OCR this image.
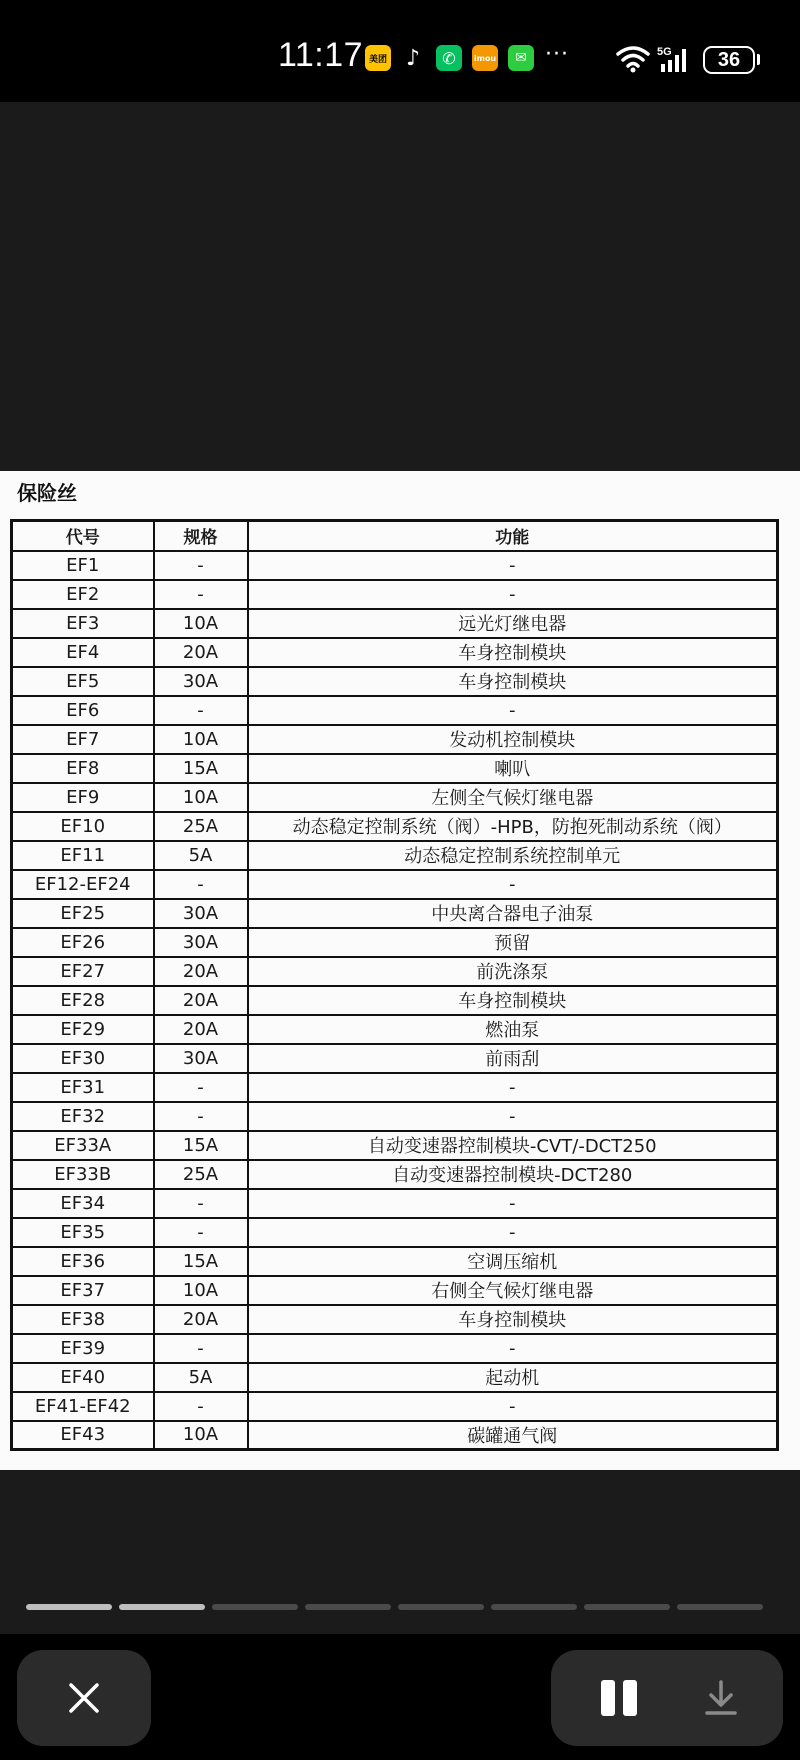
11:17 美团 ♪	✆	imou	✉ ···	5G	36
保险丝
代号	规格	功能
EF1	-	-
EF2	-	-
EF3	10A	远光灯继电器
EF4	20A	车身控制模块
EF5	30A	车身控制模块
EF6	-	-
EF7	10A	发动机控制模块
EF8	15A	喇叭
EF9	10A	左侧全气候灯继电器
EF10	25A	动态稳定控制系统（阀）-HPB，防抱死制动系统（阀）
EF11	5A	动态稳定控制系统控制单元
EF12-EF24	-	-
EF25	30A	中央离合器电子油泵
EF26	30A	预留
EF27	20A	前洗涤泵
EF28	20A	车身控制模块
EF29	20A	燃油泵
EF30	30A	前雨刮
EF31	-	-
EF32	-	-
EF33A	15A	自动变速器控制模块-CVT/-DCT250
EF33B	25A	自动变速器控制模块-DCT280
EF34	-	-
EF35	-	-
EF36	15A	空调压缩机
EF37	10A	右侧全气候灯继电器
EF38	20A	车身控制模块
EF39	-	-
EF40	5A	起动机
EF41-EF42	-	-
EF43	10A	碳罐通气阀
